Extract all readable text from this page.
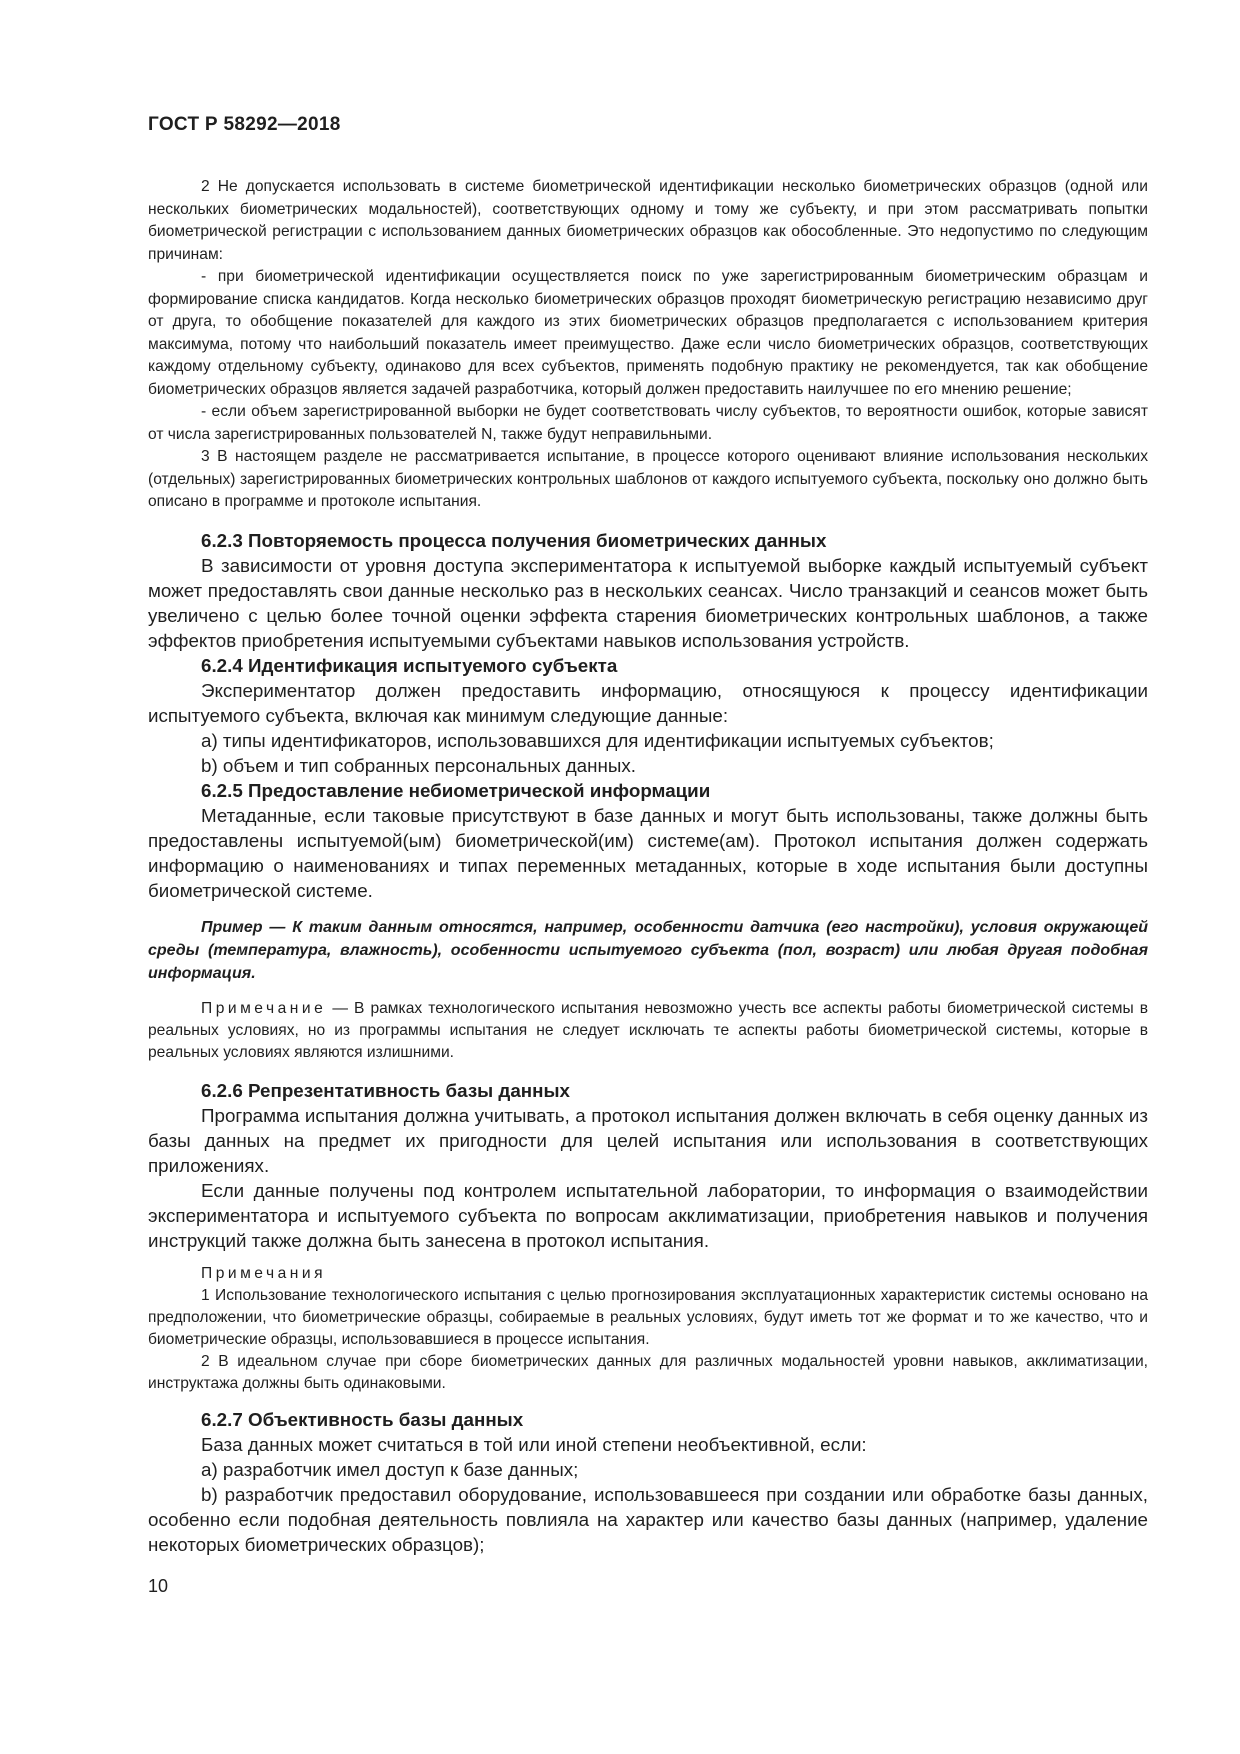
ГОСТ Р 58292—2018

2 Не допускается использовать в системе биометрической идентификации несколько биометрических образцов (одной или нескольких биометрических модальностей), соответствующих одному и тому же субъекту, и при этом рассматривать попытки биометрической регистрации с использованием данных биометрических образцов как обособленные. Это недопустимо по следующим причинам:

- при биометрической идентификации осуществляется поиск по уже зарегистрированным биометрическим образцам и формирование списка кандидатов. Когда несколько биометрических образцов проходят биометрическую регистрацию независимо друг от друга, то обобщение показателей для каждого из этих биометрических образцов предполагается с использованием критерия максимума, потому что наибольший показатель имеет преимущество. Даже если число биометрических образцов, соответствующих каждому отдельному субъекту, одинаково для всех субъектов, применять подобную практику не рекомендуется, так как обобщение биометрических образцов является задачей разработчика, который должен предоставить наилучшее по его мнению решение;

- если объем зарегистрированной выборки не будет соответствовать числу субъектов, то вероятности ошибок, которые зависят от числа зарегистрированных пользователей N, также будут неправильными.

3 В настоящем разделе не рассматривается испытание, в процессе которого оценивают влияние использования нескольких (отдельных) зарегистрированных биометрических контрольных шаблонов от каждого испытуемого субъекта, поскольку оно должно быть описано в программе и протоколе испытания.

6.2.3 Повторяемость процесса получения биометрических данных

В зависимости от уровня доступа экспериментатора к испытуемой выборке каждый испытуемый субъект может предоставлять свои данные несколько раз в нескольких сеансах. Число транзакций и сеансов может быть увеличено с целью более точной оценки эффекта старения биометрических контрольных шаблонов, а также эффектов приобретения испытуемыми субъектами навыков использования устройств.

6.2.4 Идентификация испытуемого субъекта

Экспериментатор должен предоставить информацию, относящуюся к процессу идентификации испытуемого субъекта, включая как минимум следующие данные:

a) типы идентификаторов, использовавшихся для идентификации испытуемых субъектов;

b) объем и тип собранных персональных данных.

6.2.5 Предоставление небиометрической информации

Метаданные, если таковые присутствуют в базе данных и могут быть использованы, также должны быть предоставлены испытуемой(ым) биометрической(им) системе(ам). Протокол испытания должен содержать информацию о наименованиях и типах переменных метаданных, которые в ходе испытания были доступны биометрической системе.

Пример — К таким данным относятся, например, особенности датчика (его настройки), условия окружающей среды (температура, влажность), особенности испытуемого субъекта (пол, возраст) или любая другая подобная информация.

Примечание — В рамках технологического испытания невозможно учесть все аспекты работы биометрической системы в реальных условиях, но из программы испытания не следует исключать те аспекты работы биометрической системы, которые в реальных условиях являются излишними.

6.2.6 Репрезентативность базы данных

Программа испытания должна учитывать, а протокол испытания должен включать в себя оценку данных из базы данных на предмет их пригодности для целей испытания или использования в соответствующих приложениях.

Если данные получены под контролем испытательной лаборатории, то информация о взаимодействии экспериментатора и испытуемого субъекта по вопросам акклиматизации, приобретения навыков и получения инструкций также должна быть занесена в протокол испытания.

Примечания

1 Использование технологического испытания с целью прогнозирования эксплуатационных характеристик системы основано на предположении, что биометрические образцы, собираемые в реальных условиях, будут иметь тот же формат и то же качество, что и биометрические образцы, использовавшиеся в процессе испытания.

2 В идеальном случае при сборе биометрических данных для различных модальностей уровни навыков, акклиматизации, инструктажа должны быть одинаковыми.

6.2.7 Объективность базы данных

База данных может считаться в той или иной степени необъективной, если:

a) разработчик имел доступ к базе данных;

b) разработчик предоставил оборудование, использовавшееся при создании или обработке базы данных, особенно если подобная деятельность повлияла на характер или качество базы данных (например, удаление некоторых биометрических образцов);

10
